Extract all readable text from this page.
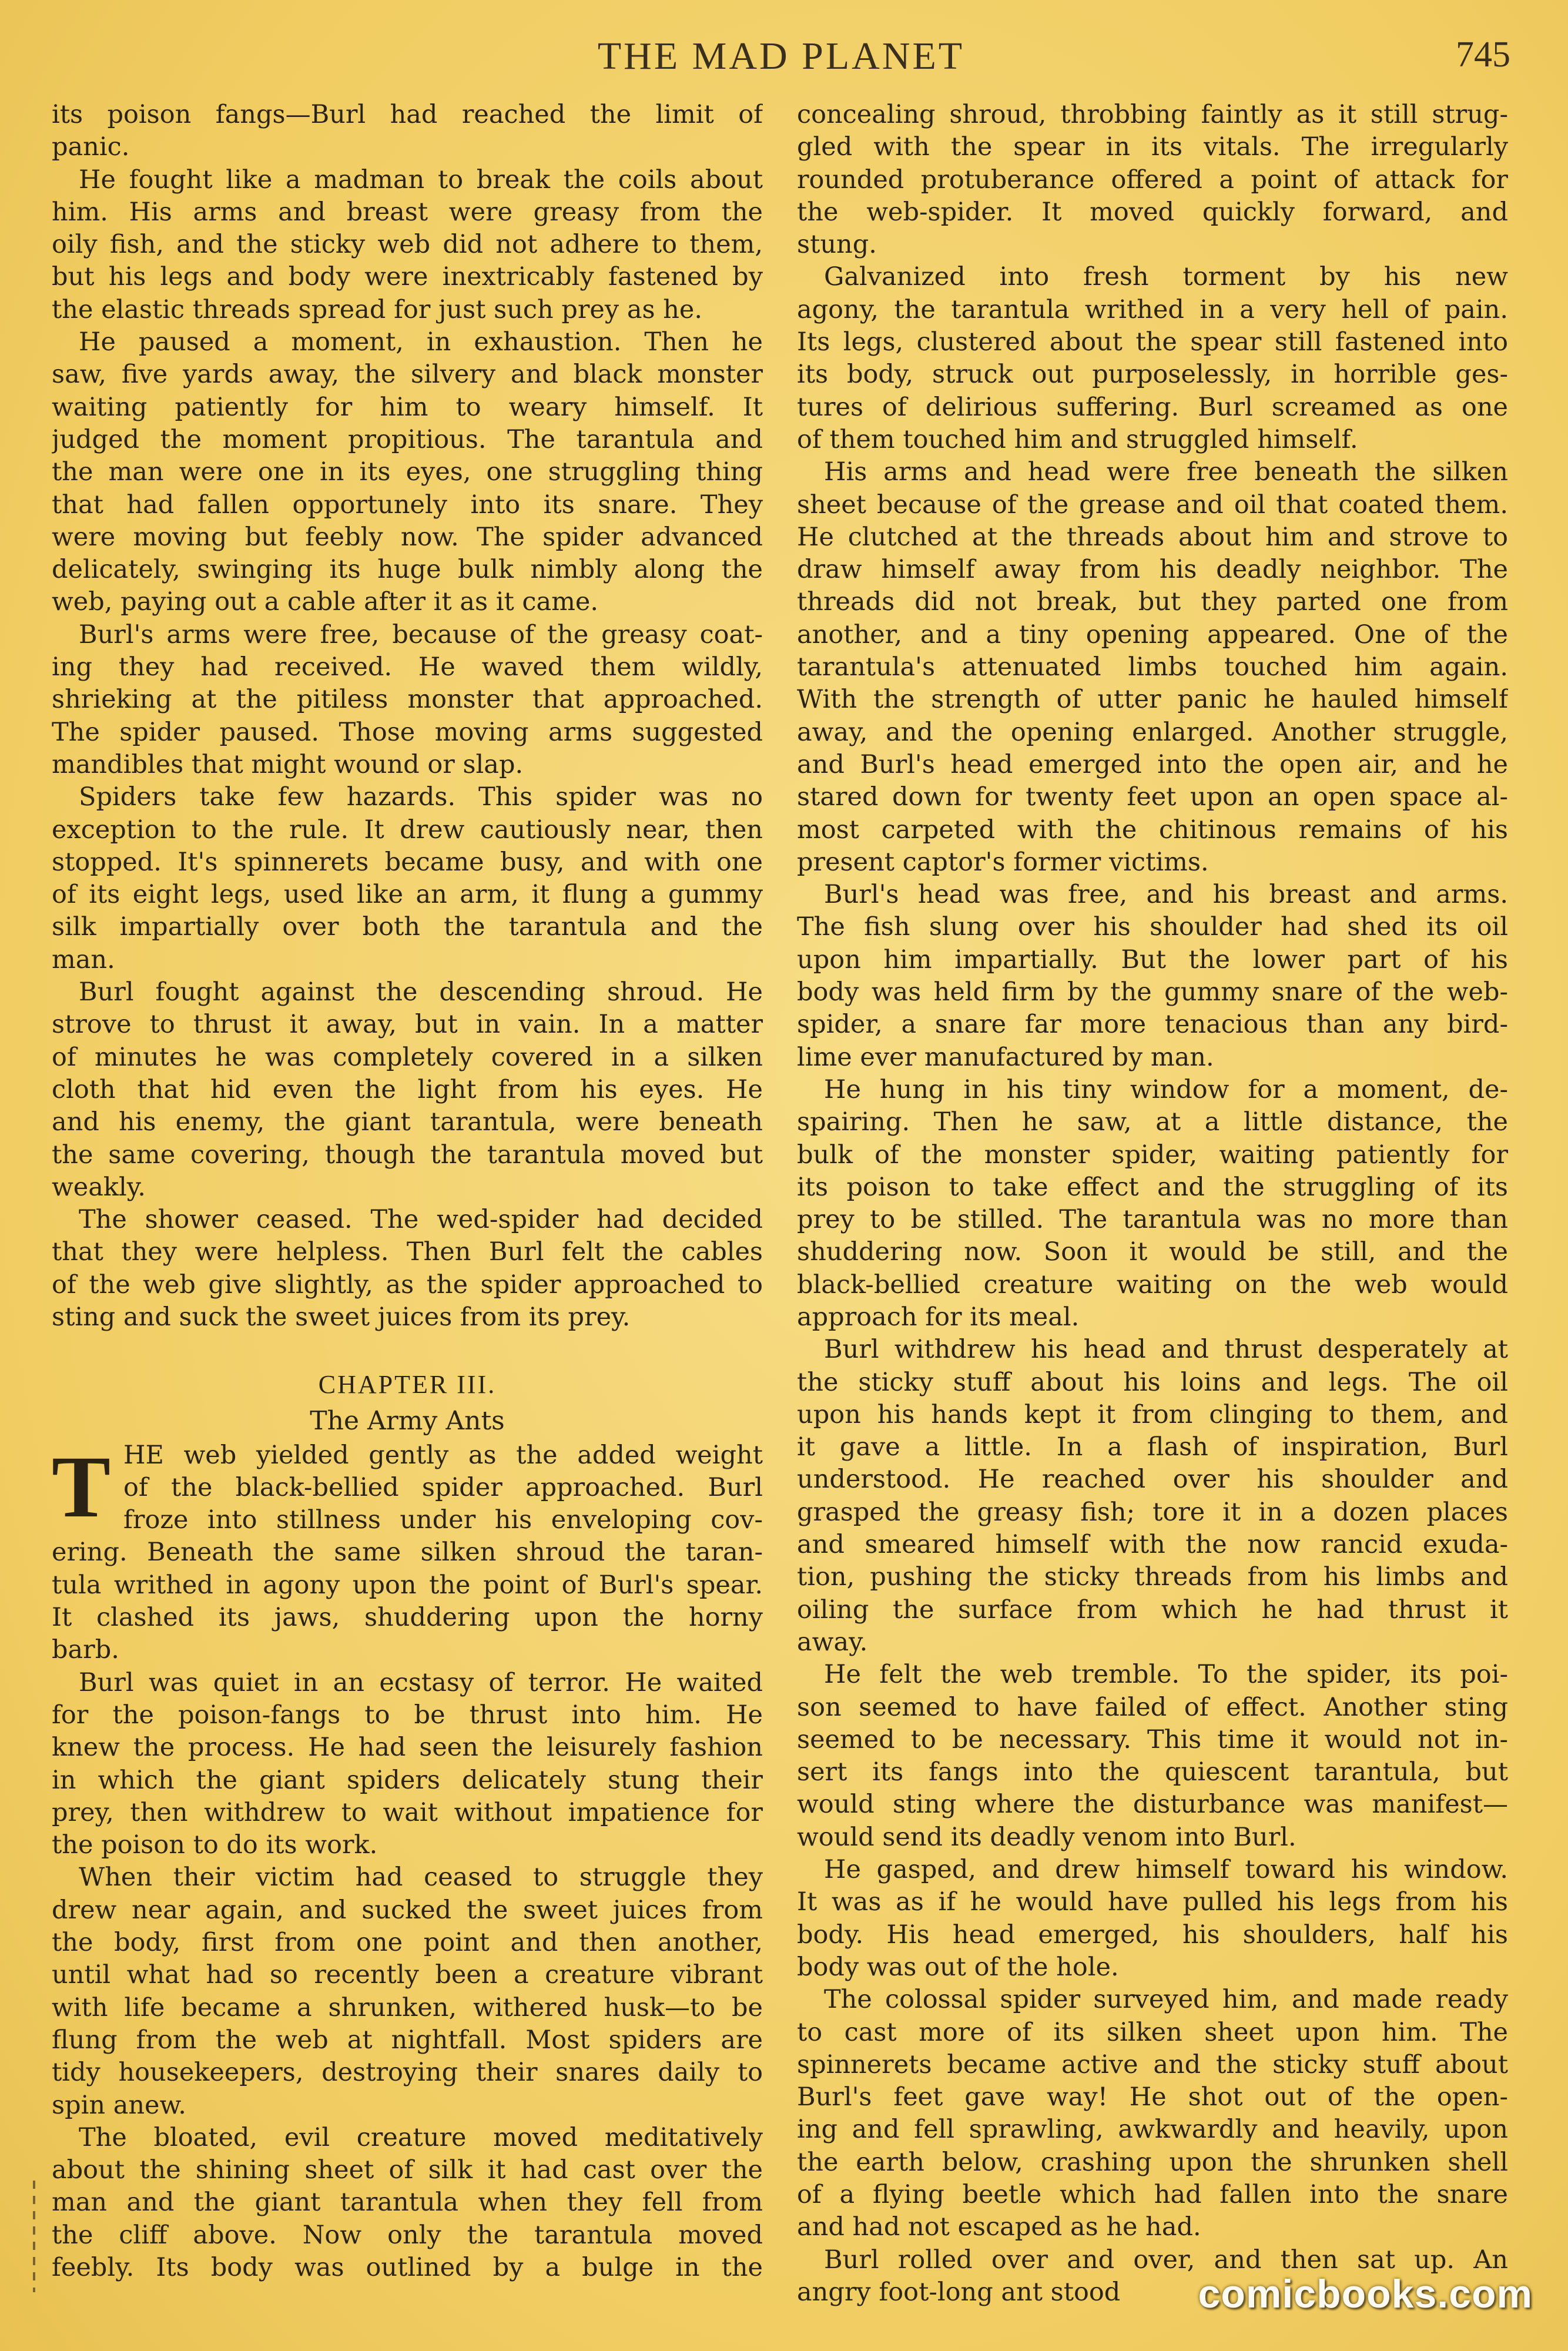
THE MAD PLANET	745
its poison fangs—Burl had reached the limit of
panic.
He fought like a madman to break the coils about
him. His arms and breast were greasy from the
oily fish, and the sticky web did not adhere to them,
but his legs and body were inextricably fastened by
the elastic threads spread for just such prey as he.
He paused a moment, in exhaustion. Then he
saw, five yards away, the silvery and black monster
waiting patiently for him to weary himself. It
judged the moment propitious. The tarantula and
the man were one in its eyes, one struggling thing
that had fallen opportunely into its snare. They
were moving but feebly now. The spider advanced
delicately, swinging its huge bulk nimbly along the
web, paying out a cable after it as it came.
Burl's arms were free, because of the greasy coat-
ing they had received. He waved them wildly,
shrieking at the pitiless monster that approached.
The spider paused. Those moving arms suggested
mandibles that might wound or slap.
Spiders take few hazards. This spider was no
exception to the rule. It drew cautiously near, then
stopped. It's spinnerets became busy, and with one
of its eight legs, used like an arm, it flung a gummy
silk impartially over both the tarantula and the
man.
Burl fought against the descending shroud. He
strove to thrust it away, but in vain. In a matter
of minutes he was completely covered in a silken
cloth that hid even the light from his eyes. He
and his enemy, the giant tarantula, were beneath
the same covering, though the tarantula moved but
weakly.
The shower ceased. The wed-spider had decided
that they were helpless. Then Burl felt the cables
of the web give slightly, as the spider approached to
sting and suck the sweet juices from its prey.
CHAPTER III.
The Army Ants
T HE web yielded gently as the added weight
of the black-bellied spider approached. Burl
froze into stillness under his enveloping cov-
ering. Beneath the same silken shroud the taran-
tula writhed in agony upon the point of Burl's spear.
It clashed its jaws, shuddering upon the horny
barb.
Burl was quiet in an ecstasy of terror. He waited
for the poison-fangs to be thrust into him. He
knew the process. He had seen the leisurely fashion
in which the giant spiders delicately stung their
prey, then withdrew to wait without impatience for
the poison to do its work.
When their victim had ceased to struggle they
drew near again, and sucked the sweet juices from
the body, first from one point and then another,
until what had so recently been a creature vibrant
with life became a shrunken, withered husk—to be
flung from the web at nightfall. Most spiders are
tidy housekeepers, destroying their snares daily to
spin anew.
The bloated, evil creature moved meditatively
about the shining sheet of silk it had cast over the
man and the giant tarantula when they fell from
the cliff above. Now only the tarantula moved
feebly. Its body was outlined by a bulge in the
concealing shroud, throbbing faintly as it still strug-
gled with the spear in its vitals. The irregularly
rounded protuberance offered a point of attack for
the web-spider. It moved quickly forward, and
stung.
Galvanized into fresh torment by his new
agony, the tarantula writhed in a very hell of pain.
Its legs, clustered about the spear still fastened into
its body, struck out purposelessly, in horrible ges-
tures of delirious suffering. Burl screamed as one
of them touched him and struggled himself.
His arms and head were free beneath the silken
sheet because of the grease and oil that coated them.
He clutched at the threads about him and strove to
draw himself away from his deadly neighbor. The
threads did not break, but they parted one from
another, and a tiny opening appeared. One of the
tarantula's attenuated limbs touched him again.
With the strength of utter panic he hauled himself
away, and the opening enlarged. Another struggle,
and Burl's head emerged into the open air, and he
stared down for twenty feet upon an open space al-
most carpeted with the chitinous remains of his
present captor's former victims.
Burl's head was free, and his breast and arms.
The fish slung over his shoulder had shed its oil
upon him impartially. But the lower part of his
body was held firm by the gummy snare of the web-
spider, a snare far more tenacious than any bird-
lime ever manufactured by man.
He hung in his tiny window for a moment, de-
spairing. Then he saw, at a little distance, the
bulk of the monster spider, waiting patiently for
its poison to take effect and the struggling of its
prey to be stilled. The tarantula was no more than
shuddering now. Soon it would be still, and the
black-bellied creature waiting on the web would
approach for its meal.
Burl withdrew his head and thrust desperately at
the sticky stuff about his loins and legs. The oil
upon his hands kept it from clinging to them, and
it gave a little. In a flash of inspiration, Burl
understood. He reached over his shoulder and
grasped the greasy fish; tore it in a dozen places
and smeared himself with the now rancid exuda-
tion, pushing the sticky threads from his limbs and
oiling the surface from which he had thrust it
away.
He felt the web tremble. To the spider, its poi-
son seemed to have failed of effect. Another sting
seemed to be necessary. This time it would not in-
sert its fangs into the quiescent tarantula, but
would sting where the disturbance was manifest—
would send its deadly venom into Burl.
He gasped, and drew himself toward his window.
It was as if he would have pulled his legs from his
body. His head emerged, his shoulders, half his
body was out of the hole.
The colossal spider surveyed him, and made ready
to cast more of its silken sheet upon him. The
spinnerets became active and the sticky stuff about
Burl's feet gave way! He shot out of the open-
ing and fell sprawling, awkwardly and heavily, upon
the earth below, crashing upon the shrunken shell
of a flying beetle which had fallen into the snare
and had not escaped as he had.
Burl rolled over and over, and then sat up. An
angry foot-long ant stood	comicbooks.com
